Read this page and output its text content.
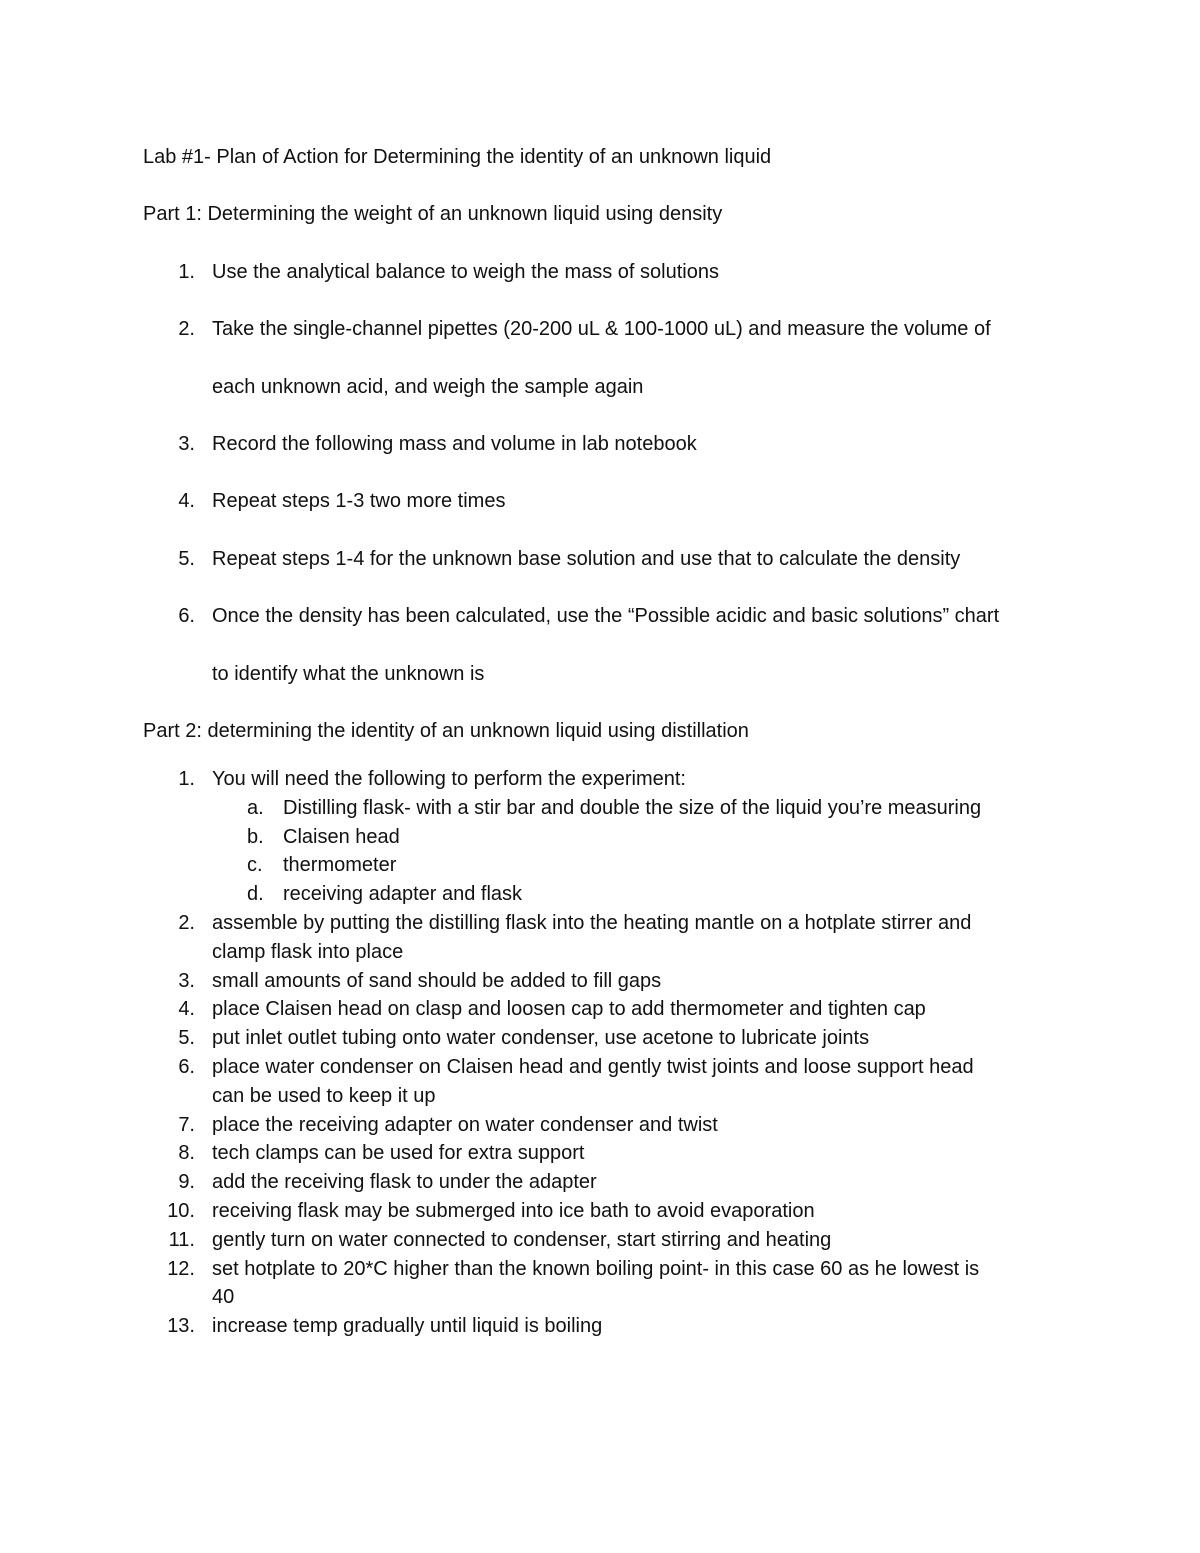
Lab #1- Plan of Action for Determining the identity of an unknown liquid
Part 1: Determining the weight of an unknown liquid using density
1. Use the analytical balance to weigh the mass of solutions
2. Take the single-channel pipettes (20-200 uL & 100-1000 uL) and measure the volume of
each unknown acid, and weigh the sample again
3. Record the following mass and volume in lab notebook
4. Repeat steps 1-3 two more times
5. Repeat steps 1-4 for the unknown base solution and use that to calculate the density
6. Once the density has been calculated, use the “Possible acidic and basic solutions” chart
to identify what the unknown is
Part 2: determining the identity of an unknown liquid using distillation
1. You will need the following to perform the experiment:
a. Distilling flask- with a stir bar and double the size of the liquid you’re measuring
b. Claisen head
c. thermometer
d. receiving adapter and flask
2. assemble by putting the distilling flask into the heating mantle on a hotplate stirrer and
clamp flask into place
3. small amounts of sand should be added to fill gaps
4. place Claisen head on clasp and loosen cap to add thermometer and tighten cap
5. put inlet outlet tubing onto water condenser, use acetone to lubricate joints
6. place water condenser on Claisen head and gently twist joints and loose support head
can be used to keep it up
7. place the receiving adapter on water condenser and twist
8. tech clamps can be used for extra support
9. add the receiving flask to under the adapter
10. receiving flask may be submerged into ice bath to avoid evaporation
11. gently turn on water connected to condenser, start stirring and heating
12. set hotplate to 20*C higher than the known boiling point- in this case 60 as he lowest is
40
13. increase temp gradually until liquid is boiling
